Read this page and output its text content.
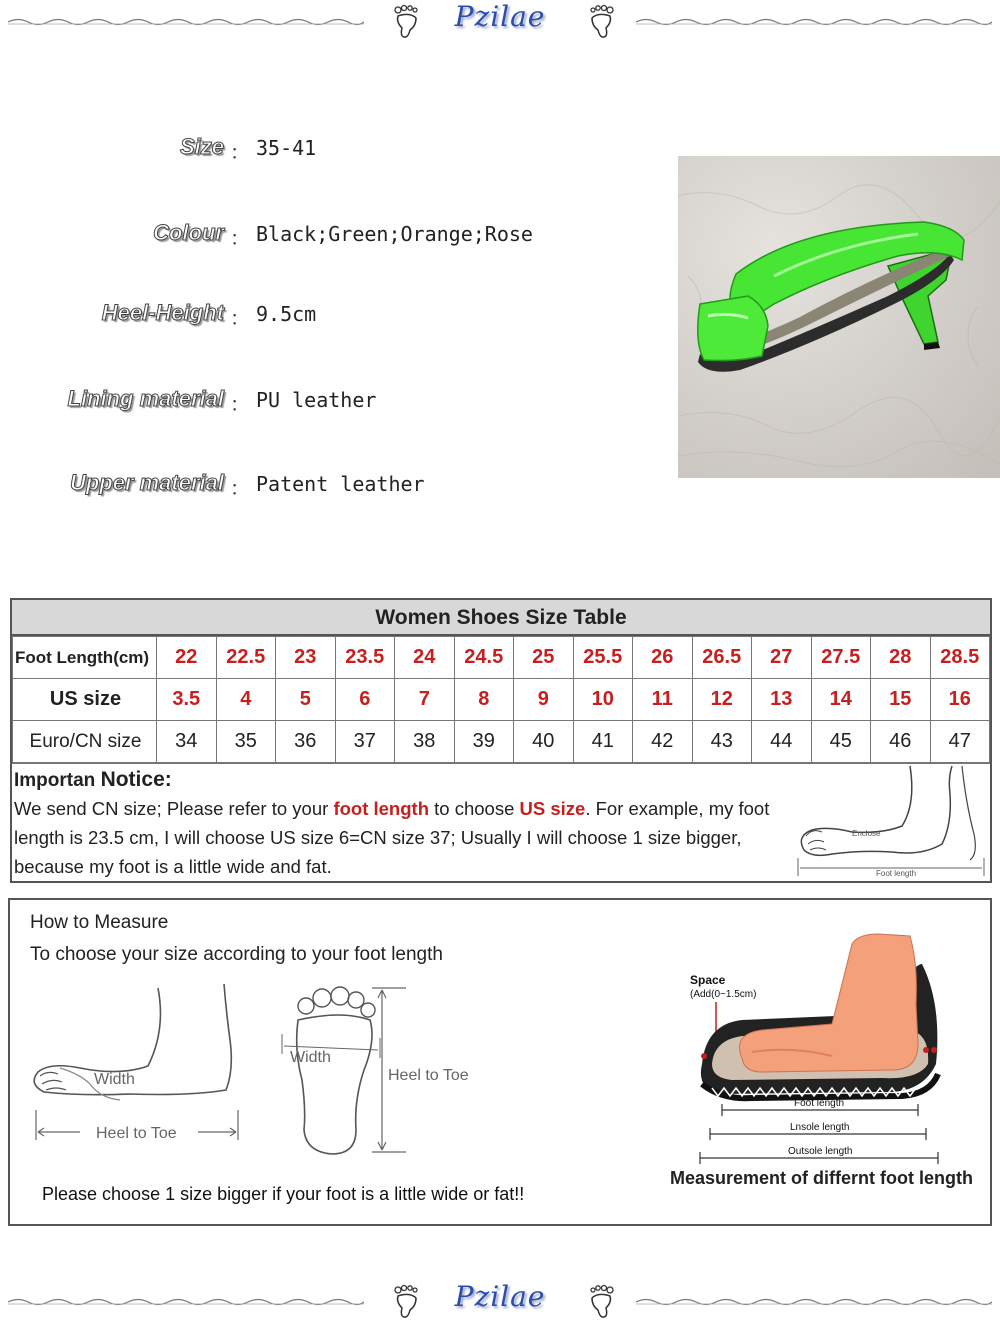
Pzilae
Size ： 35-41
Colour ： Black;Green;Orange;Rose
Heel-Height ： 9.5cm
Lining material ： PU leather
Upper material ： Patent leather
Women Shoes Size Table
Foot Length(cm)	22	22.5	23	23.5	24	24.5	25	25.5	26	26.5	27	27.5	28	28.5
US size	3.5	4	5	6	7	8	9	10	11	12	13	14	15	16
Euro/CN size	34	35	36	37	38	39	40	41	42	43	44	45	46	47
Importan Notice:
We send CN size; Please refer to your foot length to choose US size. For example, my foot length is 23.5 cm, I will choose US size 6=CN size 37; Usually I will choose 1 size bigger, because my foot is a little wide and fat.
Enclose
Foot length
How to Measure
To choose your size according to your foot length
Width
Heel to Toe
Width
Heel to Toe
Please choose 1 size bigger if your foot is a little wide or fat!!
Space
(Add(0~1.5cm)
Foot length
Lnsole length
Outsole length
Measurement of differnt foot length
Pzilae
